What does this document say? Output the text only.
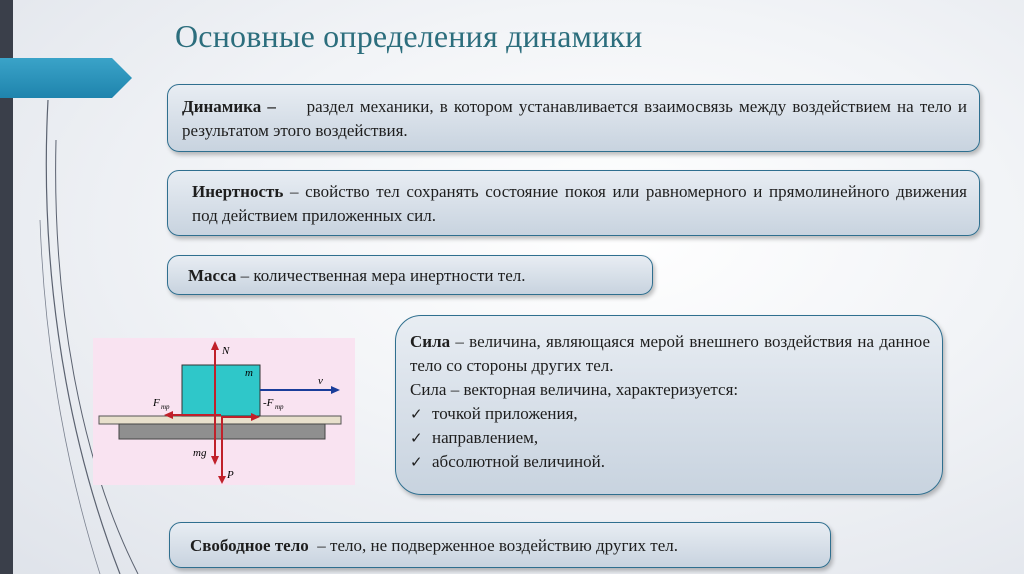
Основные определения динамики
Динамика – раздел механики, в котором устанавливается взаимосвязь между воздействием на тело и результатом этого воздействия.
Инертность – свойство тел сохранять состояние покоя или равномерного и прямолинейного движения под действием приложенных сил.
Масса – количественная мера инертности тел.
N
m
v
F тр	-F тр
mg
P
Сила – величина, являющаяся мерой внешнего воздействия на данное тело со стороны других тел.
Сила – векторная величина, характеризуется:
✓ точкой приложения,
✓ направлением,
✓ абсолютной величиной.
Свободное тело  – тело, не подверженное воздействию других тел.
